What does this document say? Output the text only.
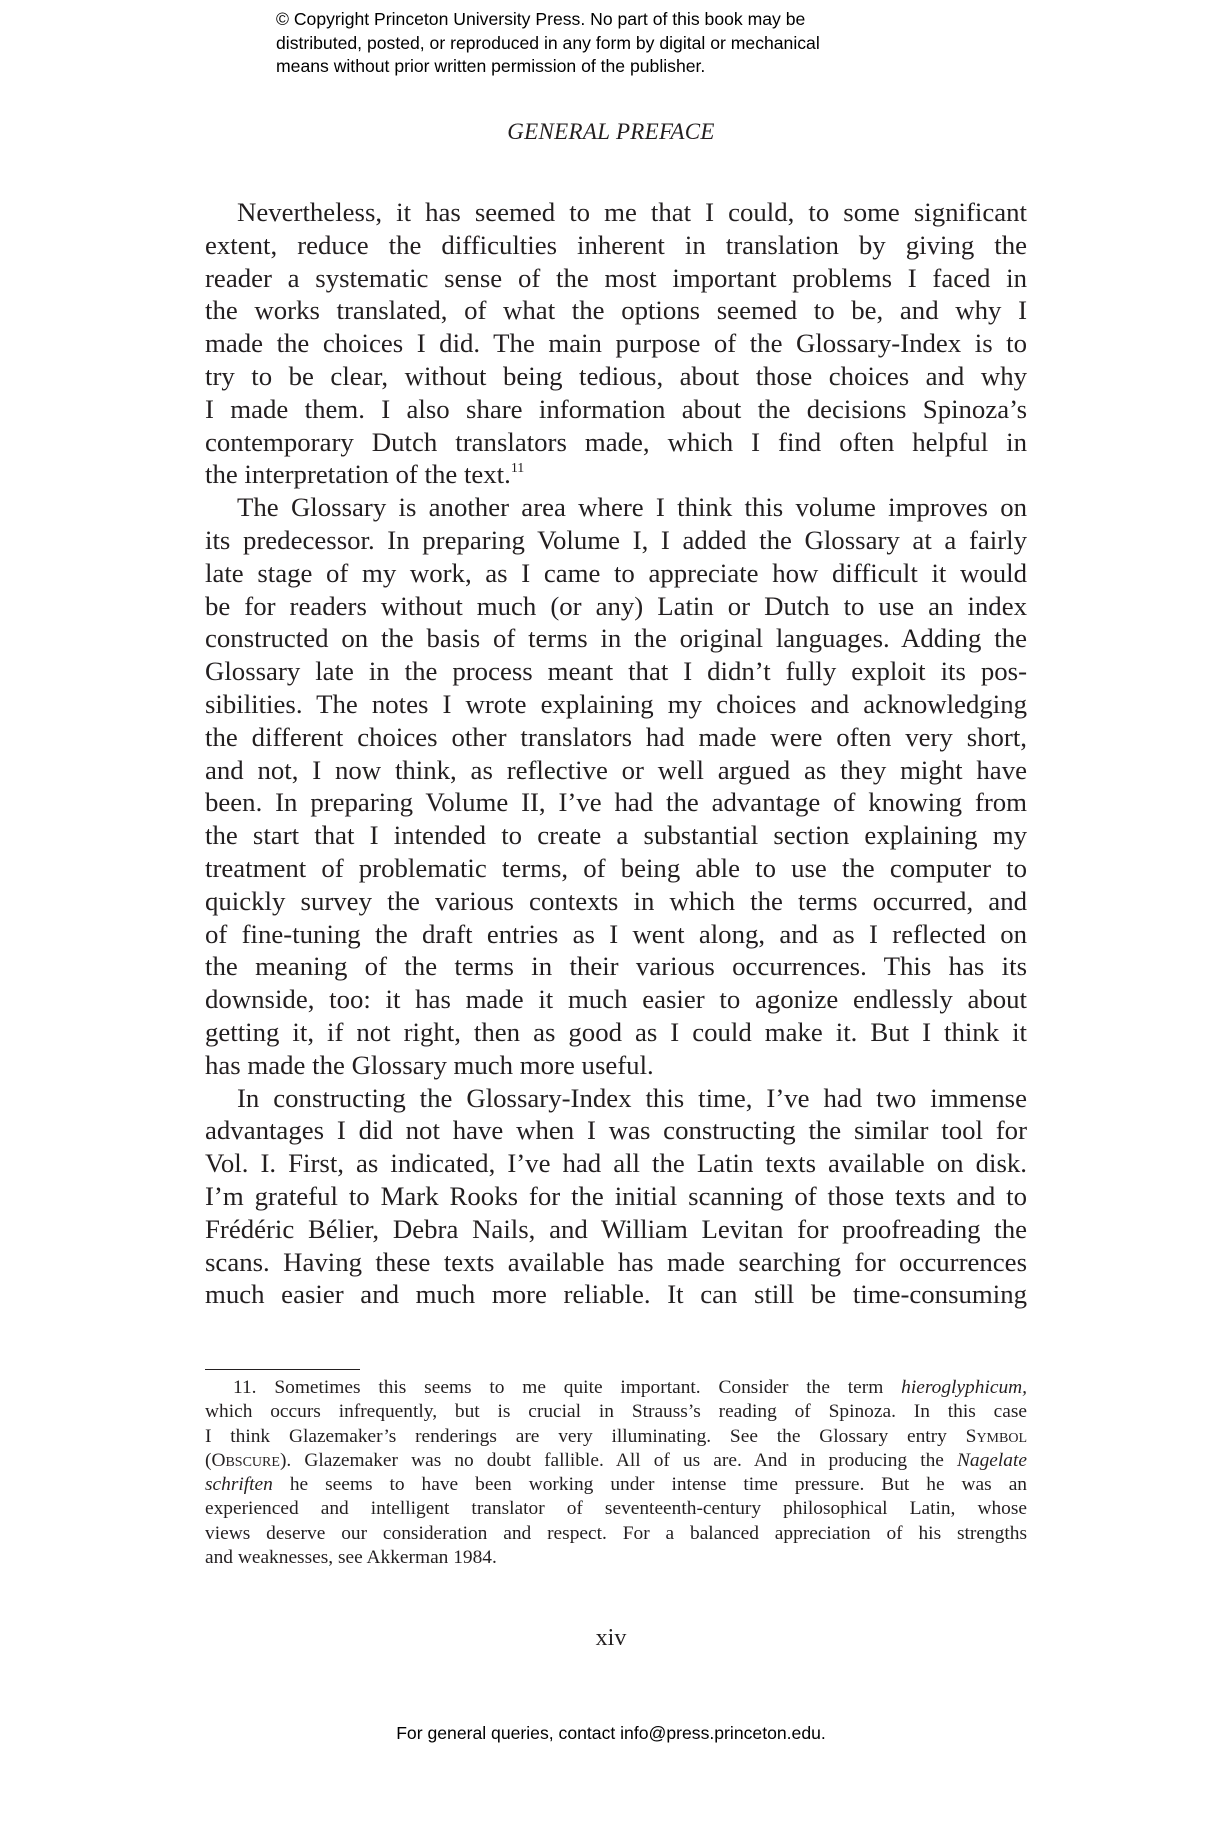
© Copyright Princeton University Press. No part of this book may be
distributed, posted, or reproduced in any form by digital or mechanical
means without prior written permission of the publisher.
GENERAL PREFACE
Nevertheless, it has seemed to me that I could, to some significant
extent, reduce the difficulties inherent in translation by giving the
reader a systematic sense of the most important problems I faced in
the works translated, of what the options seemed to be, and why I
made the choices I did. The main purpose of the Glossary-Index is to
try to be clear, without being tedious, about those choices and why
I made them. I also share information about the decisions Spinoza’s
contemporary Dutch translators made, which I find often helpful in
the interpretation of the text.$^{11}$
The Glossary is another area where I think this volume improves on
its predecessor. In preparing Volume I, I added the Glossary at a fairly
late stage of my work, as I came to appreciate how difficult it would
be for readers without much (or any) Latin or Dutch to use an index
constructed on the basis of terms in the original languages. Adding the
Glossary late in the process meant that I didn’t fully exploit its pos-
sibilities. The notes I wrote explaining my choices and acknowledging
the different choices other translators had made were often very short,
and not, I now think, as reflective or well argued as they might have
been. In preparing Volume II, I’ve had the advantage of knowing from
the start that I intended to create a substantial section explaining my
treatment of problematic terms, of being able to use the computer to
quickly survey the various contexts in which the terms occurred, and
of fine-tuning the draft entries as I went along, and as I reflected on
the meaning of the terms in their various occurrences. This has its
downside, too: it has made it much easier to agonize endlessly about
getting it, if not right, then as good as I could make it. But I think it
has made the Glossary much more useful.
In constructing the Glossary-Index this time, I’ve had two immense
advantages I did not have when I was constructing the similar tool for
Vol. I. First, as indicated, I’ve had all the Latin texts available on disk.
I’m grateful to Mark Rooks for the initial scanning of those texts and to
Frédéric Bélier, Debra Nails, and William Levitan for proofreading the
scans. Having these texts available has made searching for occurrences
much easier and much more reliable. It can still be time-consuming
11. Sometimes this seems to me quite important. Consider the term hieroglyphicum,
which occurs infrequently, but is crucial in Strauss’s reading of Spinoza. In this case
I think Glazemaker’s renderings are very illuminating. See the Glossary entry Symbol
(Obscure). Glazemaker was no doubt fallible. All of us are. And in producing the Nagelate
schriften he seems to have been working under intense time pressure. But he was an
experienced and intelligent translator of seventeenth-century philosophical Latin, whose
views deserve our consideration and respect. For a balanced appreciation of his strengths
and weaknesses, see Akkerman 1984.
xiv
For general queries, contact info@press.princeton.edu.
